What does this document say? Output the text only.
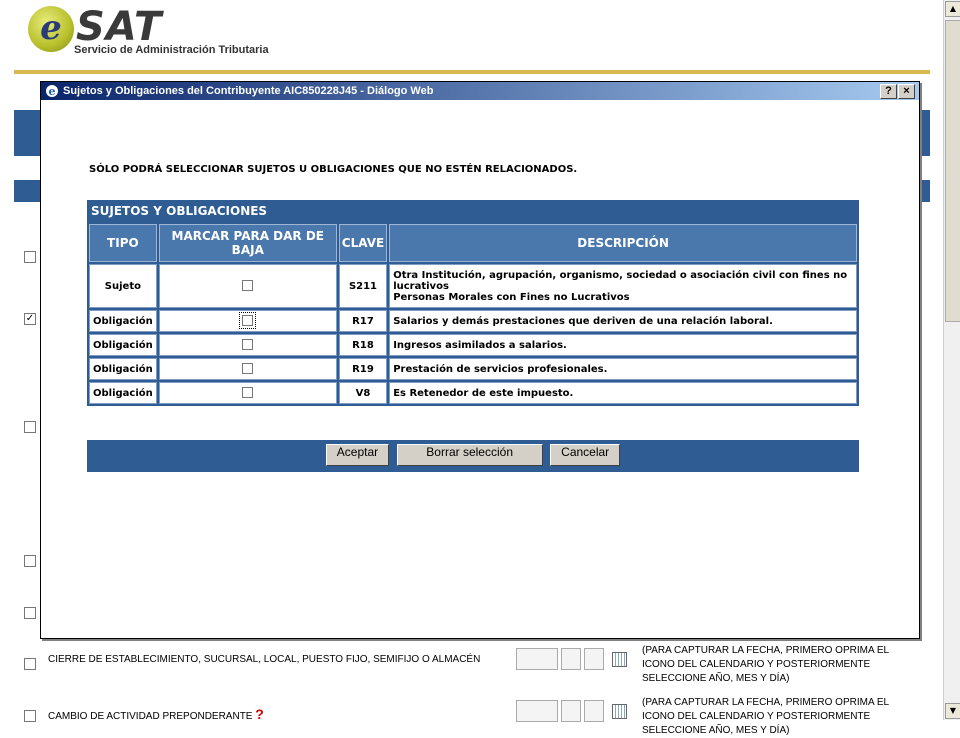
e SAT
Servicio de Administración Tributaria
✓
CIERRE DE ESTABLECIMIENTO, SUCURSAL, LOCAL, PUESTO FIJO, SEMIFIJO O ALMACÉN
(PARA CAPTURAR LA FECHA, PRIMERO OPRIMA EL ICONO DEL CALENDARIO Y POSTERIORMENTE SELECCIONE AÑO, MES Y DÍA)
CAMBIO DE ACTIVIDAD PREPONDERANTE ?
(PARA CAPTURAR LA FECHA, PRIMERO OPRIMA EL ICONO DEL CALENDARIO Y POSTERIORMENTE SELECCIONE AÑO, MES Y DÍA)
▲
▼
e Sujetos y Obligaciones del Contribuyente AIC850228J45 - Diálogo Web	?	×
SÓLO PODRÁ SELECCIONAR SUJETOS U OBLIGACIONES QUE NO ESTÉN RELACIONADOS.
SUJETOS Y OBLIGACIONES
TIPO	MARCAR PARA DAR DE BAJA	CLAVE	DESCRIPCIÓN
Sujeto		S211	Otra Institución, agrupación, organismo, sociedad o asociación civil con fines no lucrativos
Personas Morales con Fines no Lucrativos
Obligación		R17	Salarios y demás prestaciones que deriven de una relación laboral.
Obligación		R18	Ingresos asimilados a salarios.
Obligación		R19	Prestación de servicios profesionales.
Obligación		V8	Es Retenedor de este impuesto.
Aceptar	Borrar selección	Cancelar
